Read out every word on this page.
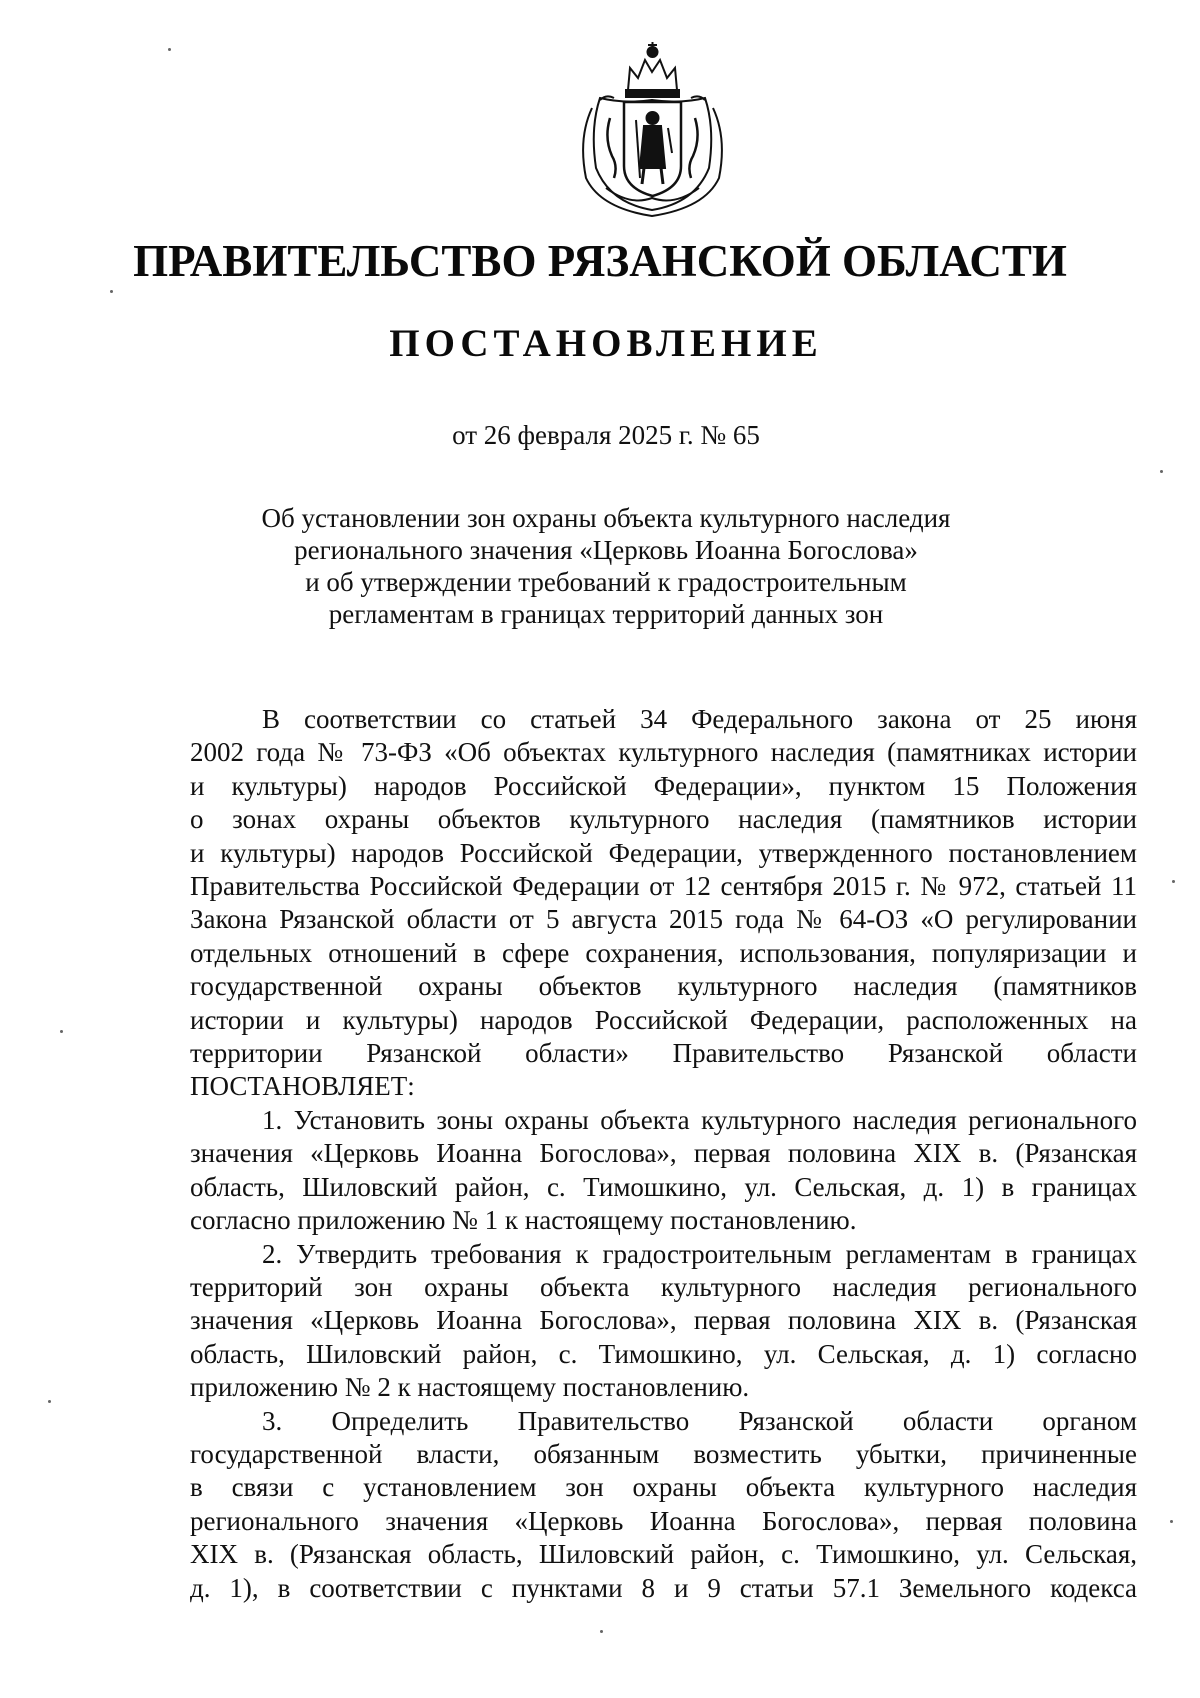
ПРАВИТЕЛЬСТВО РЯЗАНСКОЙ ОБЛАСТИ
ПОСТАНОВЛЕНИЕ
от 26 февраля 2025 г. № 65
Об установлении зон охраны объекта культурного наследия
регионального значения «Церковь Иоанна Богослова»
и об утверждении требований к градостроительным
регламентам в границах территорий данных зон
В соответствии со статьей 34 Федерального закона от 25 июня
2002 года № 73-ФЗ «Об объектах культурного наследия (памятниках истории
и культуры) народов Российской Федерации», пунктом 15 Положения
о зонах охраны объектов культурного наследия (памятников истории
и культуры) народов Российской Федерации, утвержденного постановлением
Правительства Российской Федерации от 12 сентября 2015 г. № 972, статьей 11
Закона Рязанской области от 5 августа 2015 года № 64-ОЗ «О регулировании
отдельных отношений в сфере сохранения, использования, популяризации и
государственной охраны объектов культурного наследия (памятников
истории и культуры) народов Российской Федерации, расположенных на
территории Рязанской области» Правительство Рязанской области
ПОСТАНОВЛЯЕТ:
1. Установить зоны охраны объекта культурного наследия регионального
значения «Церковь Иоанна Богослова», первая половина XIX в. (Рязанская
область, Шиловский район, с. Тимошкино, ул. Сельская, д. 1) в границах
согласно приложению № 1 к настоящему постановлению.
2. Утвердить требования к градостроительным регламентам в границах
территорий зон охраны объекта культурного наследия регионального
значения «Церковь Иоанна Богослова», первая половина XIX в. (Рязанская
область, Шиловский район, с. Тимошкино, ул. Сельская, д. 1) согласно
приложению № 2 к настоящему постановлению.
3. Определить Правительство Рязанской области органом
государственной власти, обязанным возместить убытки, причиненные
в связи с установлением зон охраны объекта культурного наследия
регионального значения «Церковь Иоанна Богослова», первая половина
XIX в. (Рязанская область, Шиловский район, с. Тимошкино, ул. Сельская,
д. 1), в соответствии с пунктами 8 и 9 статьи 57.1 Земельного кодекса
